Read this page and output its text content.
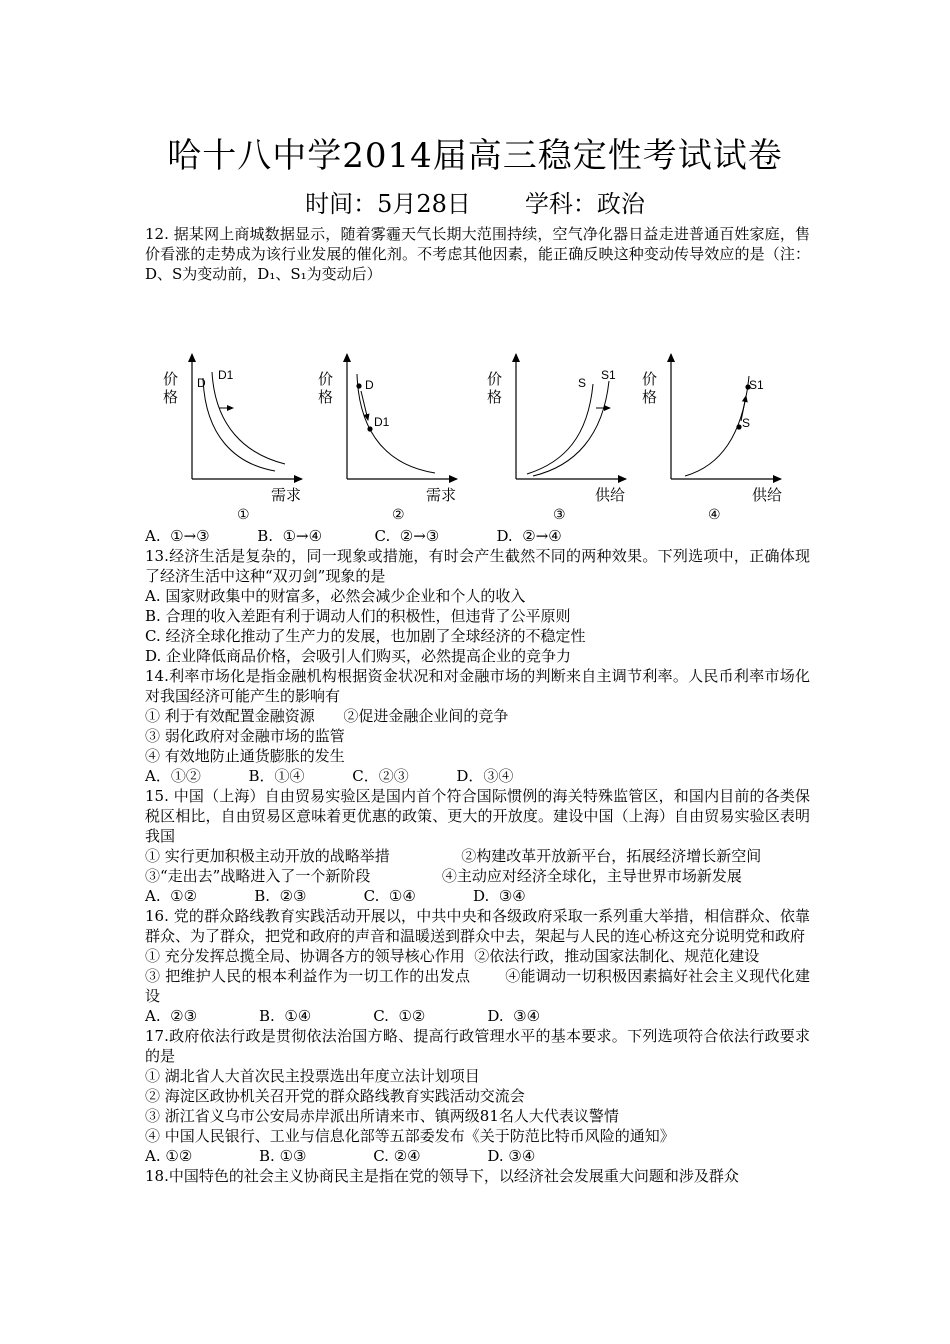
哈十八中学2014届高三稳定性考试试卷
时间：5月28日 学科：政治

12. 据某网上商城数据显示，随着雾霾天气长期大范围持续，空气净化器日益走进普通百姓家庭，售价看涨的走势成为该行业发展的催化剂。不考虑其他因素，能正确反映这种变动传导效应的是（注：D、S为变动前，D₁、S₁为变动后）

D
D1
价
格
需求
①
D
D1
价
格
需求
②
S
S1
价
格
供给
③
S1
S
价
格
供给
④

A.  ①→③          B.  ①→④           C.  ②→③            D.  ②→④

13.经济生活是复杂的，同一现象或措施，有时会产生截然不同的两种效果。下列选项中，正确体现了经济生活中这种“双刃剑”现象的是

A. 国家财政集中的财富多，必然会减少企业和个人的收入

B. 合理的收入差距有利于调动人们的积极性，但违背了公平原则

C. 经济全球化推动了生产力的发展，也加剧了全球经济的不稳定性

D. 企业降低商品价格，会吸引人们购买，必然提高企业的竞争力

14.利率市场化是指金融机构根据资金状况和对金融市场的判断来自主调节利率。人民币利率市场化对我国经济可能产生的影响有

① 利于有效配置金融资源      ②促进金融企业间的竞争

③ 弱化政府对金融市场的监管

④ 有效地防止通货膨胀的发生

A．①②          B．①④          C．②③          D．③④

15. 中国（上海）自由贸易实验区是国内首个符合国际惯例的海关特殊监管区，和国内目前的各类保税区相比，自由贸易区意味着更优惠的政策、更大的开放度。建设中国（上海）自由贸易实验区表明我国

① 实行更加积极主动开放的战略举措               ②构建改革开放新平台，拓展经济增长新空间

③“走出去”战略进入了一个新阶段               ④主动应对经济全球化，主导世界市场新发展

A.  ①②            B.  ②③            C.  ①④            D.  ③④

16. 党的群众路线教育实践活动开展以，中共中央和各级政府采取一系列重大举措，相信群众、依靠群众、为了群众，把党和政府的声音和温暖送到群众中去，架起与人民的连心桥这充分说明党和政府

① 充分发挥总揽全局、协调各方的领导核心作用  ②依法行政，推动国家法制化、规范化建设

③ 把维护人民的根本利益作为一切工作的出发点       ④能调动一切积极因素搞好社会主义现代化建设

A.  ②③             B.  ①④             C.  ①②             D.  ③④

17.政府依法行政是贯彻依法治国方略、提高行政管理水平的基本要求。下列选项符合依法行政要求的是

① 湖北省人大首次民主投票选出年度立法计划项目

② 海淀区政协机关召开党的群众路线教育实践活动交流会

③ 浙江省义乌市公安局赤岸派出所请来市、镇两级81名人大代表议警情

④ 中国人民银行、工业与信息化部等五部委发布《关于防范比特币风险的通知》

A. ①②              B. ①③              C. ②④              D. ③④

18.中国特色的社会主义协商民主是指在党的领导下，以经济社会发展重大问题和涉及群众
